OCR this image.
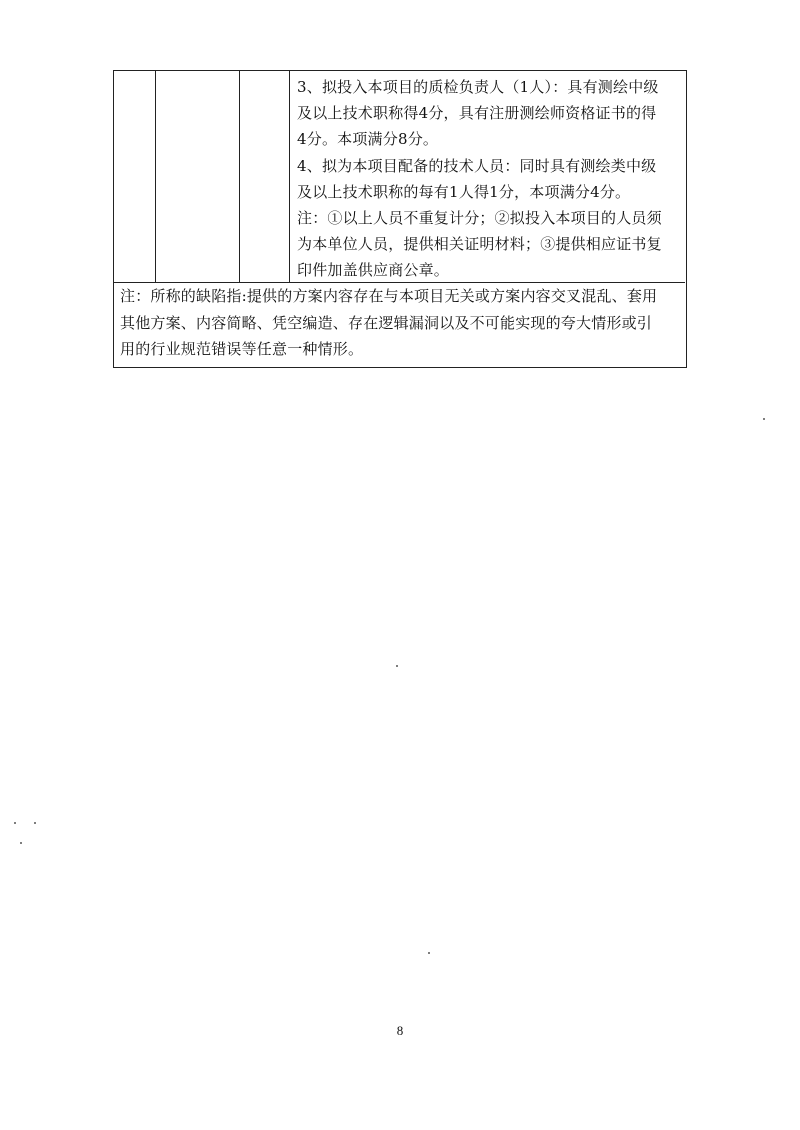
3、拟投入本项目的质检负责人（1人）：具有测绘中级
及以上技术职称得4分，具有注册测绘师资格证书的得
4分。本项满分8分。
4、拟为本项目配备的技术人员：同时具有测绘类中级
及以上技术职称的每有1人得1分，本项满分4分。
注：①以上人员不重复计分；②拟投入本项目的人员须
为本单位人员，提供相关证明材料；③提供相应证书复
印件加盖供应商公章。
注：所称的缺陷指:提供的方案内容存在与本项目无关或方案内容交叉混乱、套用
其他方案、内容简略、凭空编造、存在逻辑漏洞以及不可能实现的夸大情形或引
用的行业规范错误等任意一种情形。
8
